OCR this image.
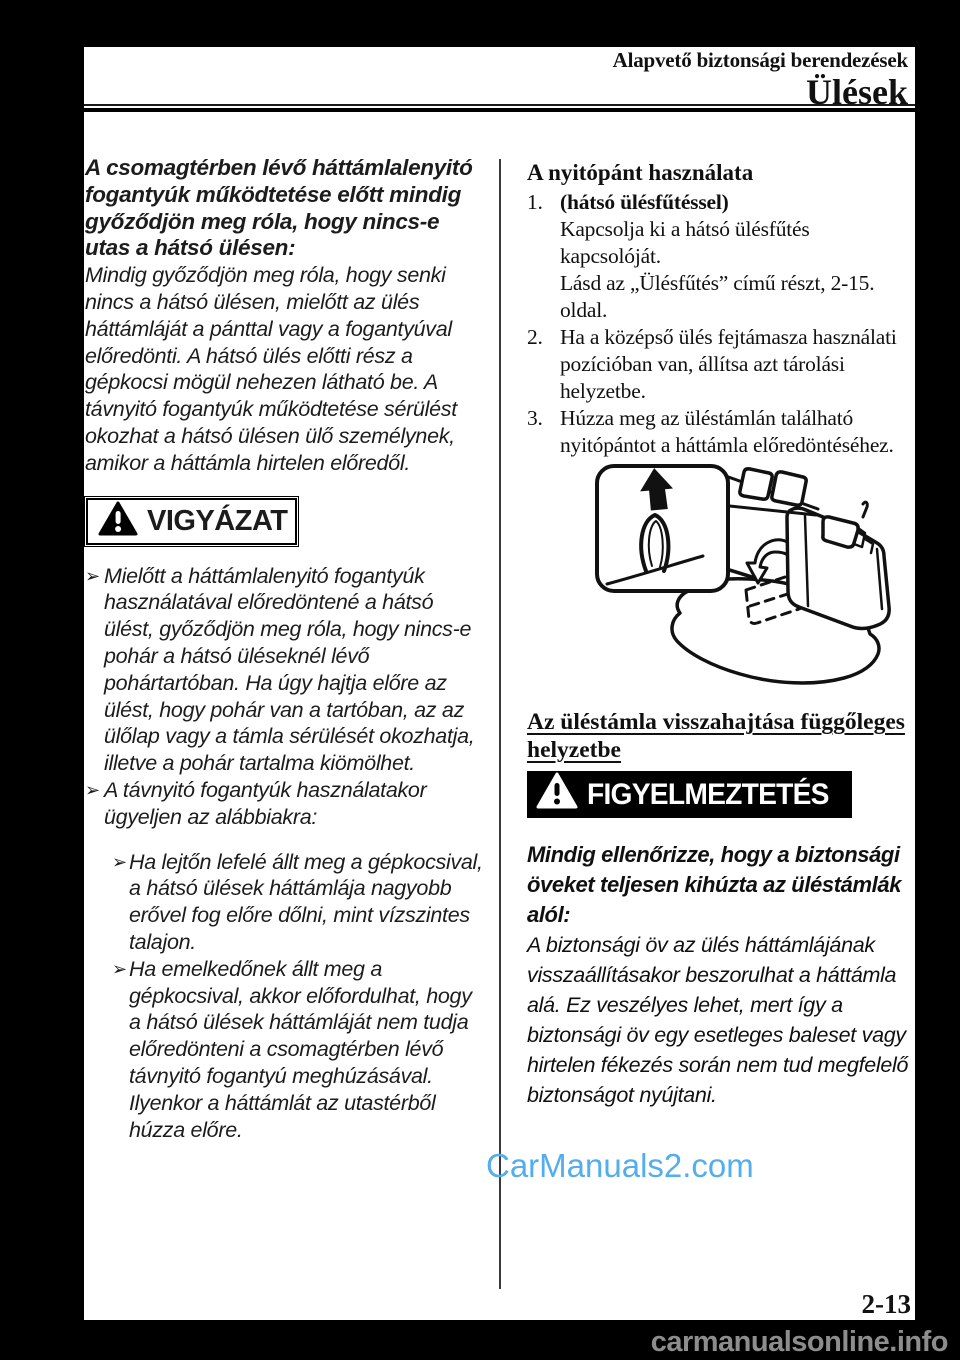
Alapvető biztonsági berendezések
Ülések
A csomagtérben lévő háttámlalenyitó fogantyúk működtetése előtt mindig győződjön meg róla, hogy nincs-e utas a hátsó ülésen:
Mindig győződjön meg róla, hogy senki nincs a hátsó ülésen, mielőtt az ülés háttámláját a pánttal vagy a fogantyúval előredönti. A hátsó ülés előtti rész a gépkocsi mögül nehezen látható be. A távnyitó fogantyúk működtetése sérülést okozhat a hátsó ülésen ülő személynek, amikor a háttámla hirtelen előredől.
VIGYÁZAT
➢ Mielőtt a háttámlalenyitó fogantyúk használatával előredöntené a hátsó ülést, győződjön meg róla, hogy nincs-e pohár a hátsó üléseknél lévő pohártartóban. Ha úgy hajtja előre az ülést, hogy pohár van a tartóban, az az ülőlap vagy a támla sérülését okozhatja, illetve a pohár tartalma kiömölhet.
➢ A távnyitó fogantyúk használatakor ügyeljen az alábbiakra:
➢ Ha lejtőn lefelé állt meg a gépkocsival, a hátsó ülések háttámlája nagyobb erővel fog előre dőlni, mint vízszintes talajon.
➢ Ha emelkedőnek állt meg a gépkocsival, akkor előfordulhat, hogy a hátsó ülések háttámláját nem tudja előredönteni a csomagtérben lévő távnyitó fogantyú meghúzásával. Ilyenkor a háttámlát az utastérből húzza előre.
A nyitópánt használata
1. (hátsó ülésfűtéssel)
Kapcsolja ki a hátsó ülésfűtés kapcsolóját.
Lásd az „Ülésfűtés” című részt, 2-15. oldal.
2. Ha a középső ülés fejtámasza használati pozícióban van, állítsa azt tárolási helyzetbe.
3. Húzza meg az üléstámlán található nyitópántot a háttámla előredöntéséhez.
Az üléstámla visszahajtása függőleges helyzetbe
FIGYELMEZTETÉS
Mindig ellenőrizze, hogy a biztonsági öveket teljesen kihúzta az üléstámlák alól:
A biztonsági öv az ülés háttámlájának visszaállításakor beszorulhat a háttámla alá. Ez veszélyes lehet, mert így a biztonsági öv egy esetleges baleset vagy hirtelen fékezés során nem tud megfelelő biztonságot nyújtani.
CarManuals2.com
2-13
carmanualsonline.info
